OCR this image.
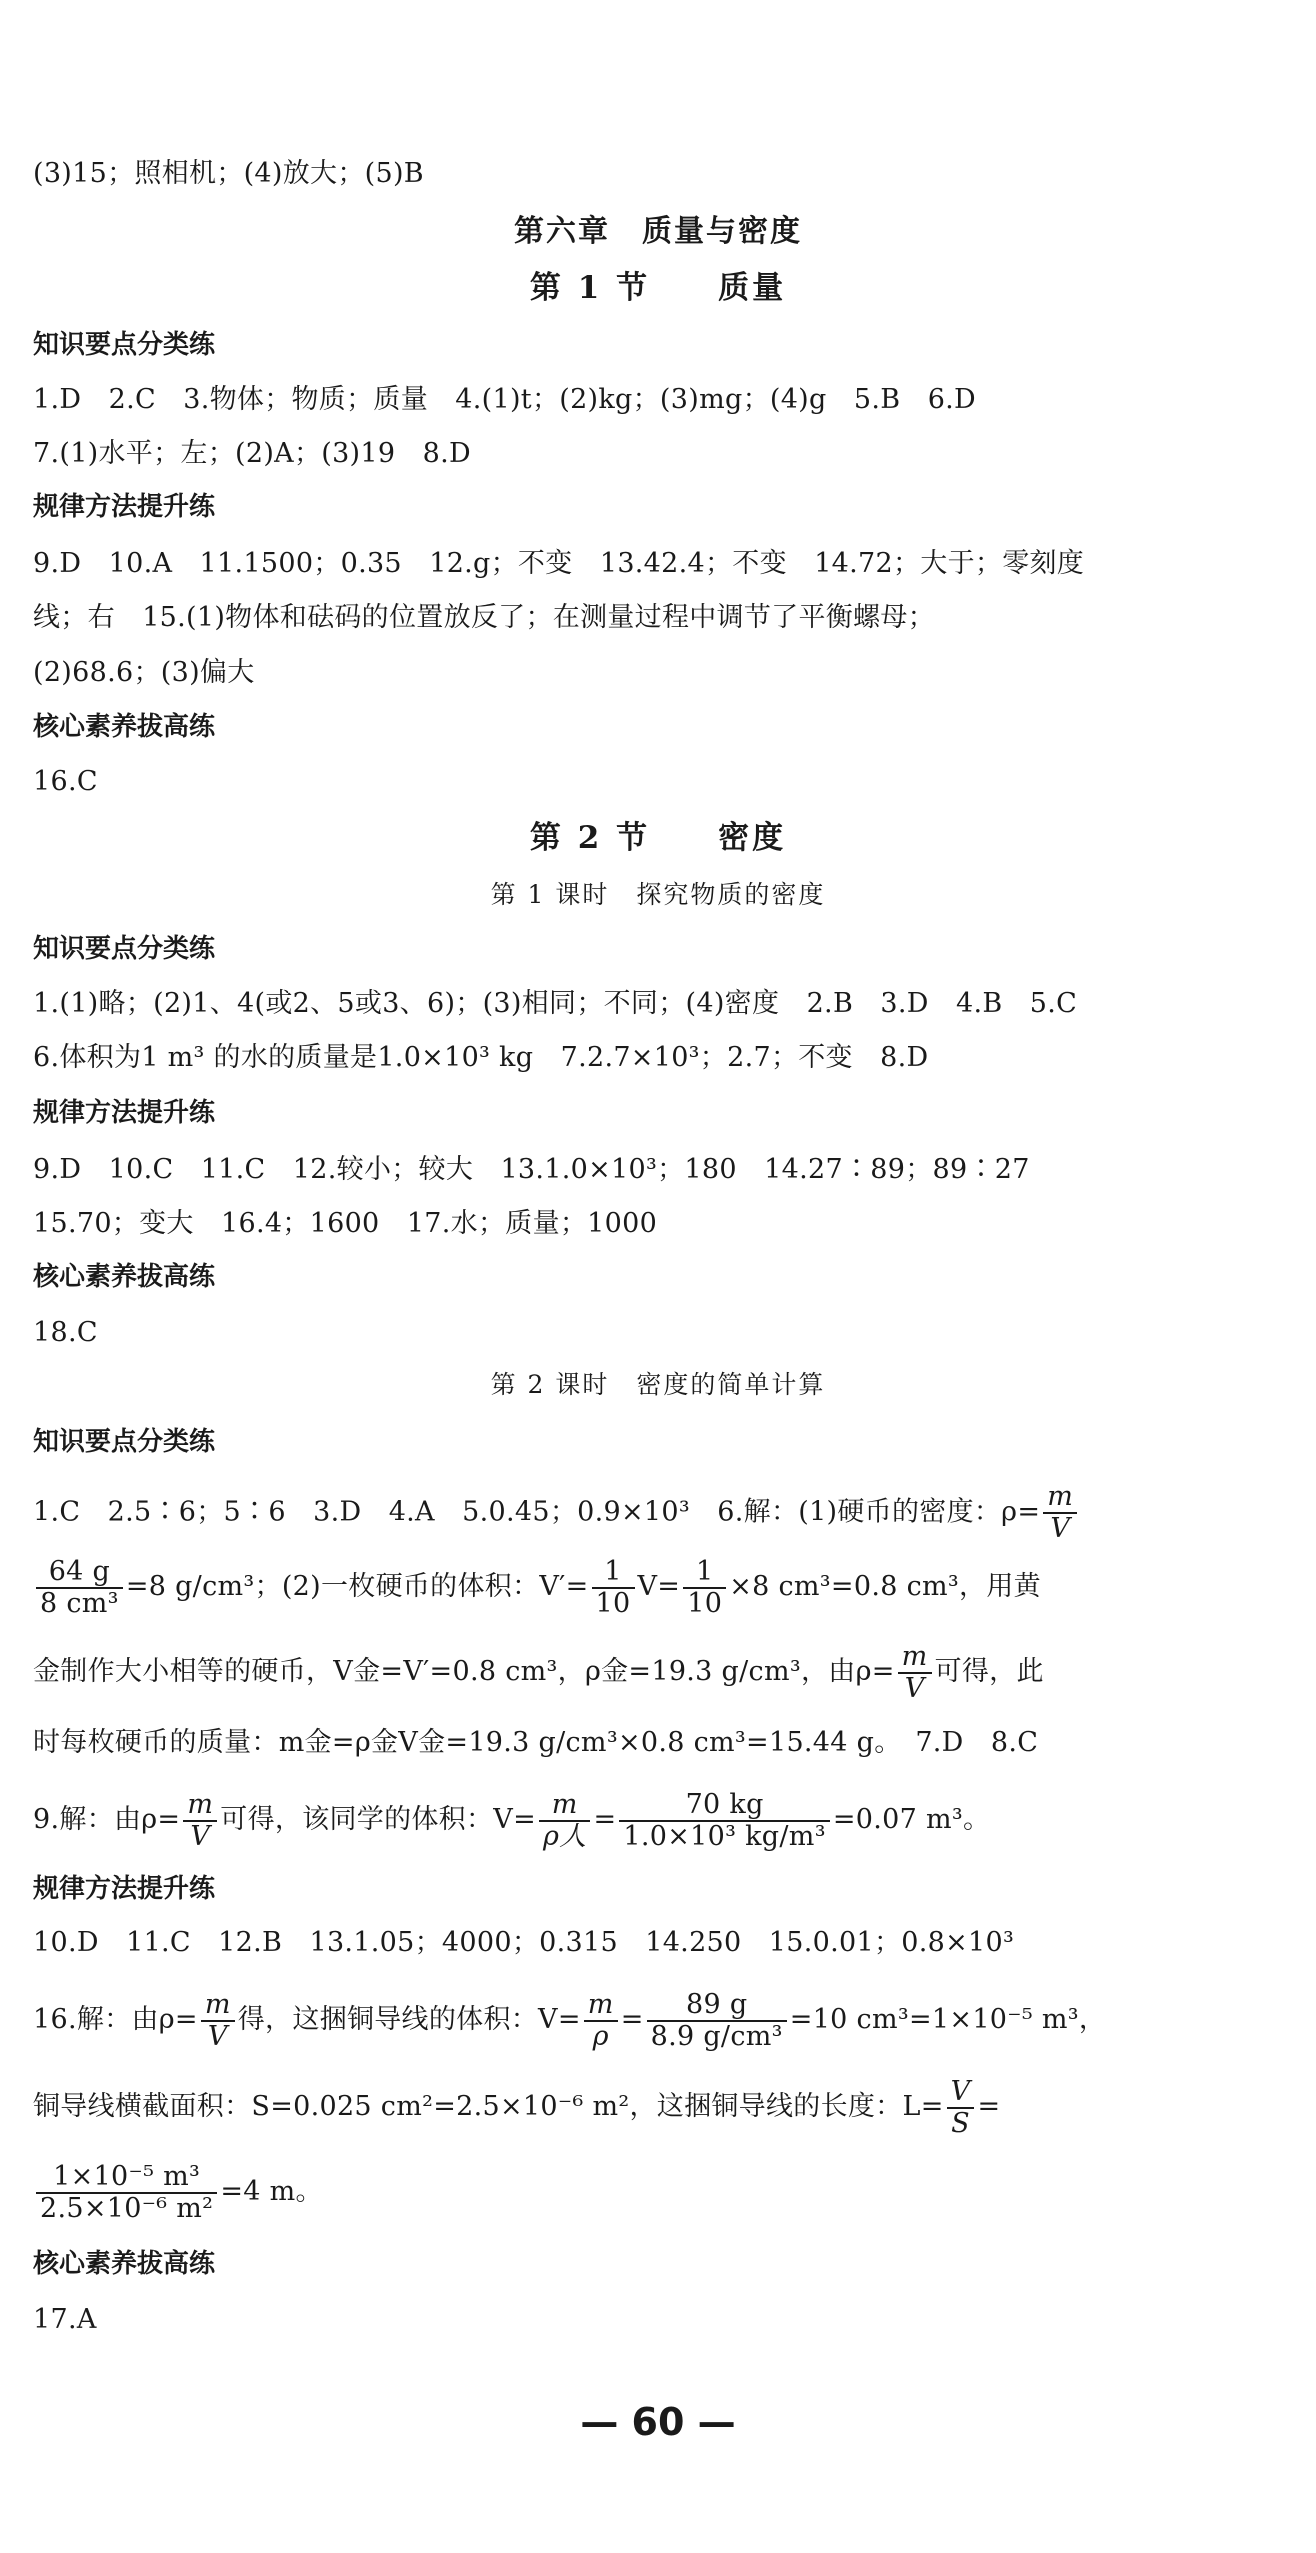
(3)15；照相机；(4)放大；(5)B
第六章　质量与密度
第 1 节　　质量
知识要点分类练
1.D　2.C　3.物体；物质；质量　4.(1)t；(2)kg；(3)mg；(4)g　5.B　6.D
7.(1)水平；左；(2)A；(3)19　8.D
规律方法提升练
9.D　10.A　11.1500；0.35　12.g；不变　13.42.4；不变　14.72；大于；零刻度
线；右　15.(1)物体和砝码的位置放反了；在测量过程中调节了平衡螺母；
(2)68.6；(3)偏大
核心素养拔高练
16.C
第 2 节　　密度
第 1 课时　探究物质的密度
知识要点分类练
1.(1)略；(2)1、4(或2、5或3、6)；(3)相同；不同；(4)密度　2.B　3.D　4.B　5.C
6.体积为1 m³ 的水的质量是1.0×10³ kg　7.2.7×10³；2.7；不变　8.D
规律方法提升练
9.D　10.C　11.C　12.较小；较大　13.1.0×10³；180　14.27∶89；89∶27
15.70；变大　16.4；1600　17.水；质量；1000
核心素养拔高练
18.C
第 2 课时　密度的简单计算
知识要点分类练
1.C　2.5∶6；5∶6　3.D　4.A　5.0.45；0.9×10³　6.解：(1)硬币的密度：$\rho= \frac{m}{V}$
$\frac{64 g}{\text{8 cm³}} =8$ g/cm³；(2)一枚硬币的体积：$V'= \frac{1}{10} V= \frac{1}{10} \times 8$ cm³=0.8 cm³，用黄
金制作大小相等的硬币，V金=V′=0.8 cm³，ρ金=19.3 g/cm³，由$\rho= \frac{m}{V}$ 可得，此
时每枚硬币的质量：m金=ρ金V金=19.3 g/cm³×0.8 cm³=15.44 g。　7.D　8.C
9.解：由$\rho= \frac{m}{V}$ 可得，该同学的体积：$V= \frac{m}{\text{ρ人}} = \frac{70 kg}{\text{1.0×10³ kg/m³}} =0.07$ m³。
规律方法提升练
10.D　11.C　12.B　13.1.05；4000；0.315　14.250　15.0.01；0.8×10³
16.解：由$\rho= \frac{m}{V}$ 得，这捆铜导线的体积：$V= \frac{m}{\rho} = \frac{89 g}{\text{8.9 g/cm³}} =10$ cm³=1×10⁻⁵ m³，
铜导线横截面积：S=0.025 cm²=2.5×10⁻⁶ m²，这捆铜导线的长度：$L= \frac{V}{S}$ =
$\frac{\text{1×10⁻⁵ m³}}{\text{2.5×10⁻⁶ m²}} =4$ m。
核心素养拔高练
17.A
— 60 —
